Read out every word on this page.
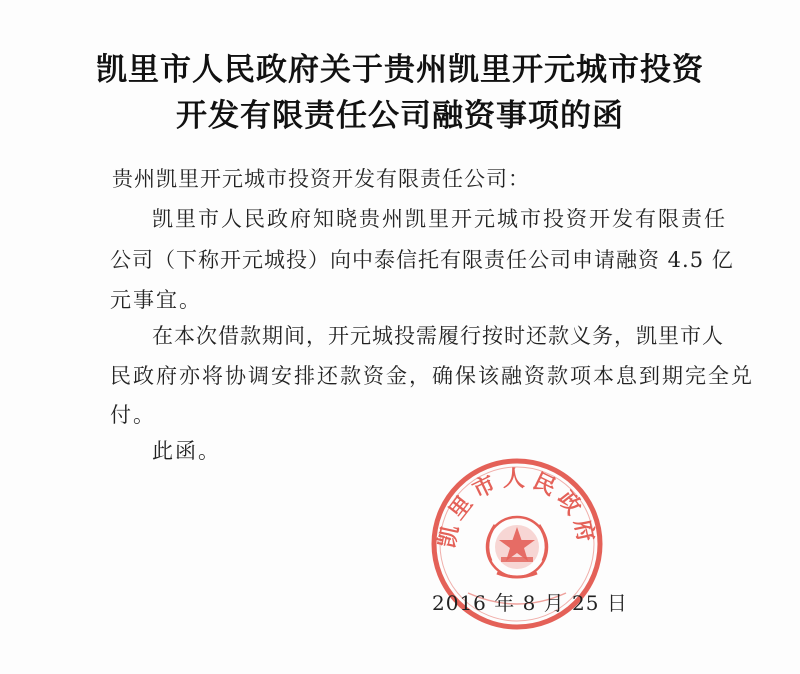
凯里市人民政府关于贵州凯里开元城市投资
开发有限责任公司融资事项的函
贵州凯里开元城市投资开发有限责任公司：
凯里市人民政府知晓贵州凯里开元城市投资开发有限责任
公司（下称开元城投）向中泰信托有限责任公司申请融资 4.5 亿
元事宜。
在本次借款期间，开元城投需履行按时还款义务，凯里市人
民政府亦将协调安排还款资金，确保该融资款项本息到期完全兑
付。
此函。
凯里市人民政府
2016 年 8 月 25 日
